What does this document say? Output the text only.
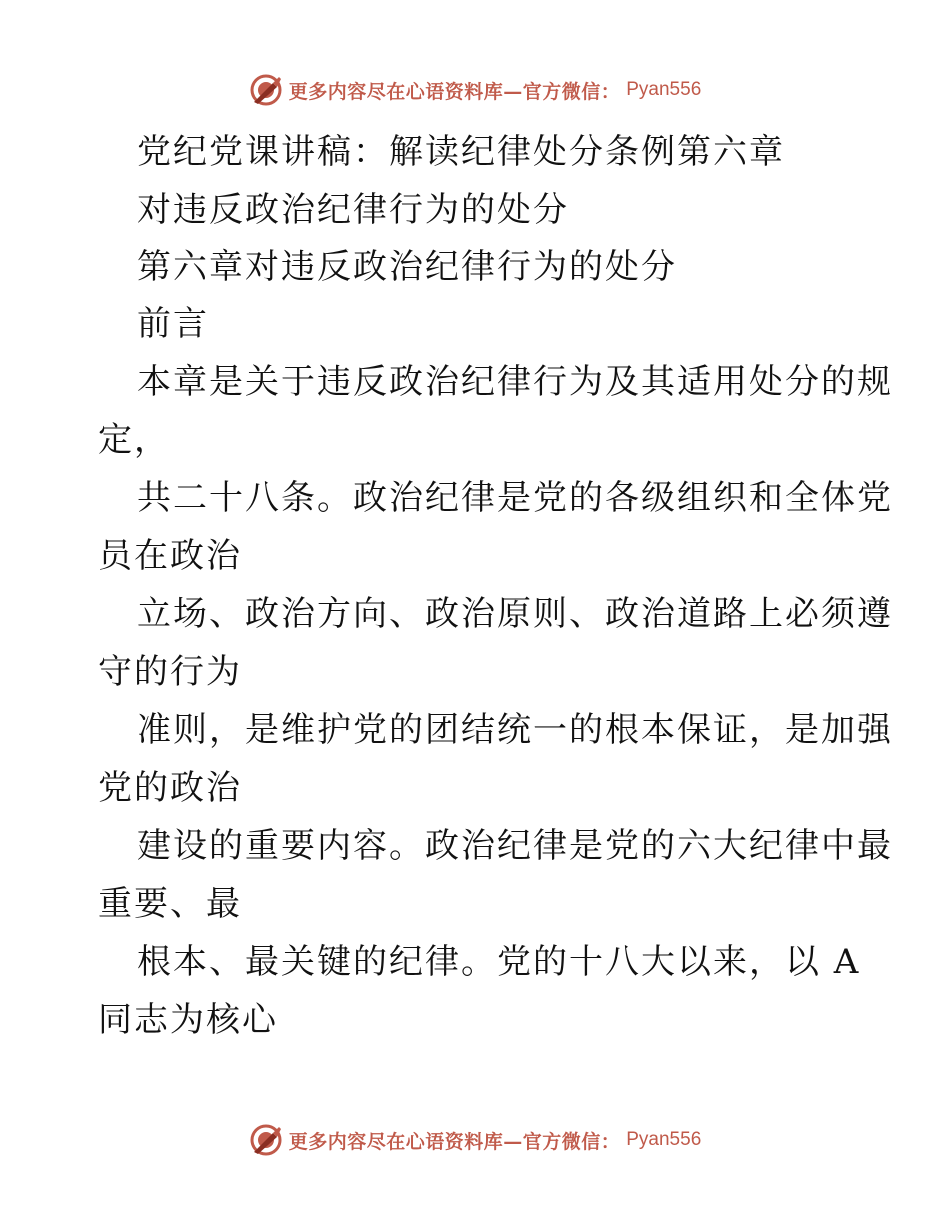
更多内容尽在心语资料库—官方微信： Pyan556
党纪党课讲稿：解读纪律处分条例第六章
对违反政治纪律行为的处分
第六章对违反政治纪律行为的处分
前言
本章是关于违反政治纪律行为及其适用处分的规
定，
共二十八条。政治纪律是党的各级组织和全体党
员在政治
立场、政治方向、政治原则、政治道路上必须遵
守的行为
准则，是维护党的团结统一的根本保证，是加强
党的政治
建设的重要内容。政治纪律是党的六大纪律中最
重要、最
根本、最关键的纪律。党的十八大以来，以 A
同志为核心
更多内容尽在心语资料库—官方微信： Pyan556
